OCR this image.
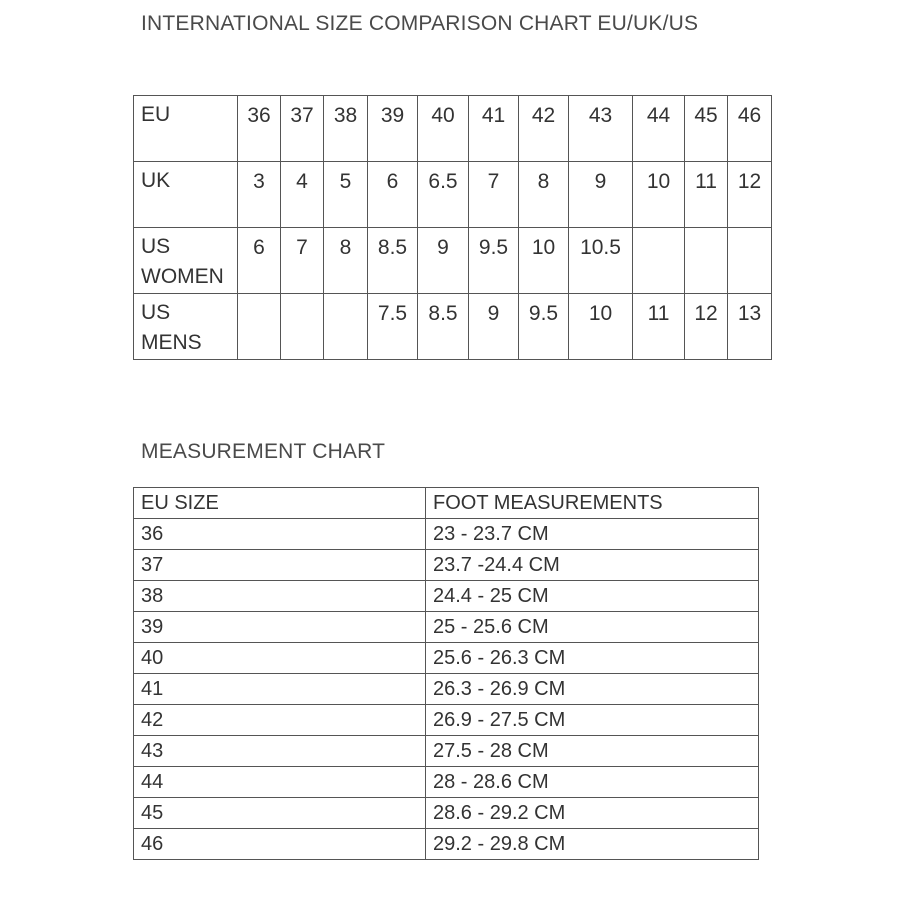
INTERNATIONAL SIZE COMPARISON CHART EU/UK/US
EU	36	37	38	39	40	41	42	43	44	45	46
UK	3	4	5	6	6.5	7	8	9	10	11	12
US
WOMEN	6	7	8	8.5	9	9.5	10	10.5			
US
MENS				7.5	8.5	9	9.5	10	11	12	13
MEASUREMENT CHART
EU SIZE	FOOT MEASUREMENTS
36	23 - 23.7 CM
37	23.7 -24.4 CM
38	24.4 - 25 CM
39	25 - 25.6 CM
40	25.6 - 26.3 CM
41	26.3 - 26.9 CM
42	26.9 - 27.5 CM
43	27.5 - 28 CM
44	28 - 28.6 CM
45	28.6 - 29.2 CM
46	29.2 - 29.8 CM
